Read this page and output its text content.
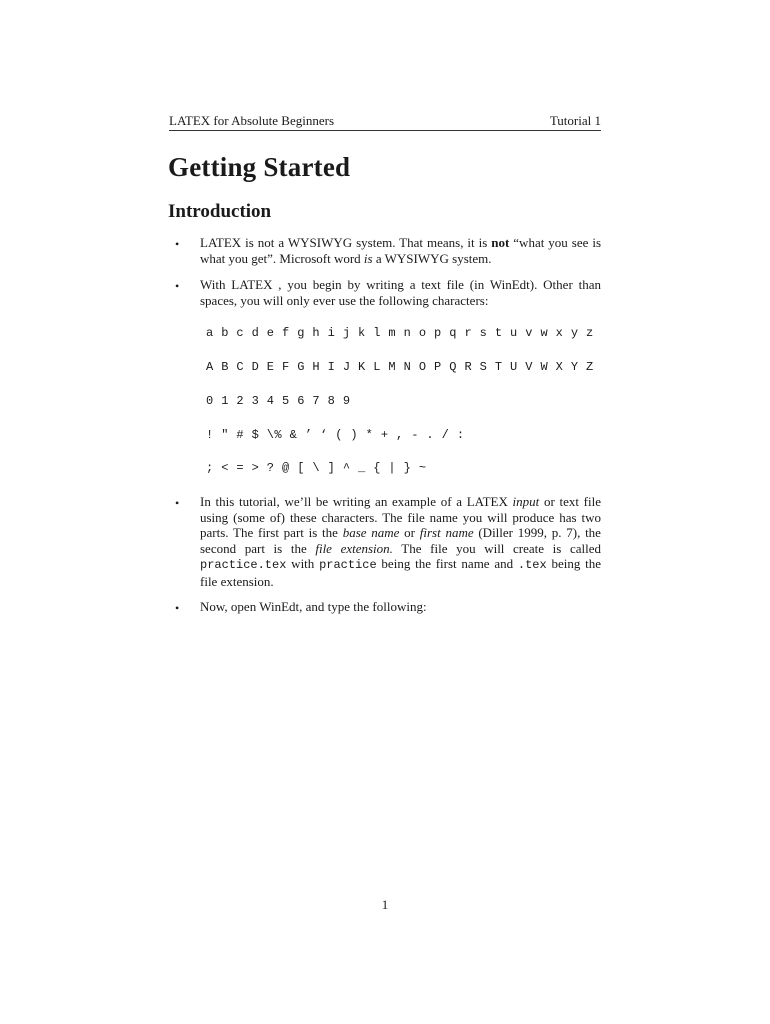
LATEX for Absolute Beginners	Tutorial 1
Getting Started
Introduction
• LATEX is not a WYSIWYG system. That means, it is not “what you see is what you get”. Microsoft word is a WYSIWYG system.

• With LATEX , you begin by writing a text file (in WinEdt). Other than spaces, you will only ever use the following characters:

a b c d e f g h i j k l m n o p q r s t u v w x y z
A B C D E F G H I J K L M N O P Q R S T U V W X Y Z
0 1 2 3 4 5 6 7 8 9
! " # $ \% & ’ ‘ ( ) * + , - . / :
; < = > ? @ [ \ ] ^ _ { | } ~
• In this tutorial, we’ll be writing an example of a LATEX input or text file using (some of) these characters. The file name you will produce has two parts. The first part is the base name or first name (Diller 1999, p. 7), the second part is the file extension. The file you will create is called practice.tex with practice being the first name and .tex being the file extension.

• Now, open WinEdt, and type the following:

1
